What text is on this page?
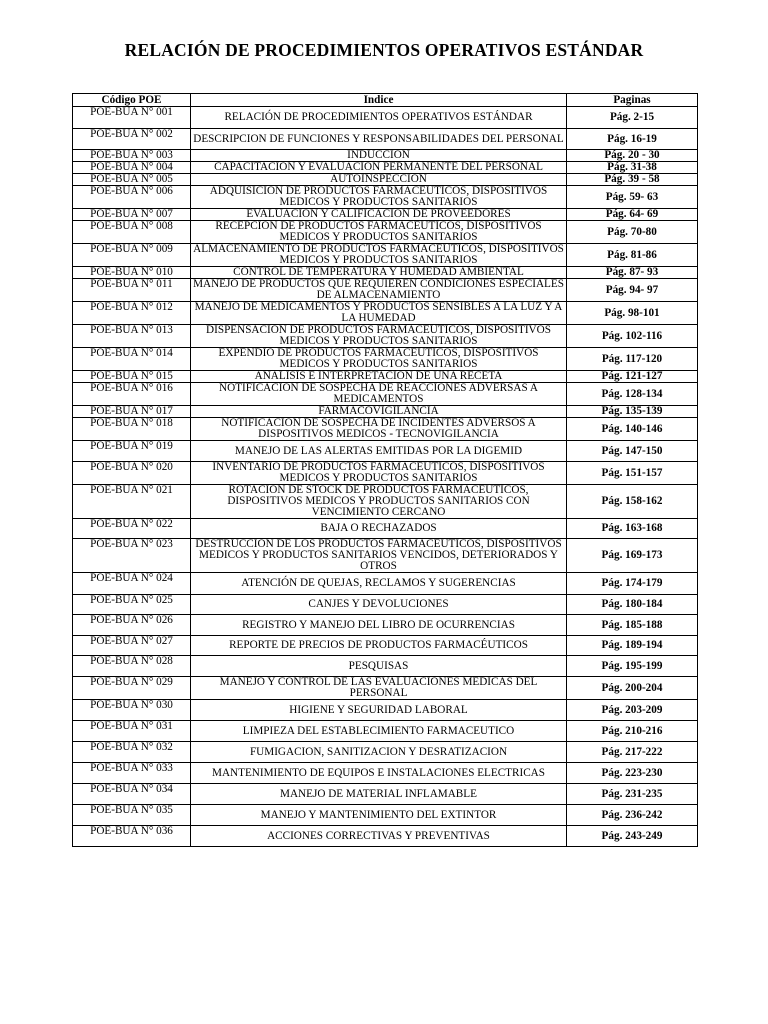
RELACIÓN DE PROCEDIMIENTOS OPERATIVOS ESTÁNDAR
Código POE	Indice	Paginas
POE-BUA N° 001	RELACIÓN DE PROCEDIMIENTOS OPERATIVOS ESTÁNDAR	Pág. 2-15
POE-BUA N° 002	DESCRIPCION DE FUNCIONES Y RESPONSABILIDADES DEL PERSONAL	Pág. 16-19
POE-BUA N° 003	INDUCCION	Pág. 20 - 30
POE-BUA N° 004	CAPACITACION Y EVALUACION PERMANENTE DEL PERSONAL	Pág. 31-38
POE-BUA N° 005	AUTOINSPECCION	Pág. 39 - 58
POE-BUA N° 006	ADQUISICION DE PRODUCTOS FARMACEUTICOS, DISPOSITIVOS MEDICOS Y PRODUCTOS SANITARIOS	Pág. 59- 63
POE-BUA N° 007	EVALUACION Y CALIFICACION DE PROVEEDORES	Pág. 64- 69
POE-BUA N° 008	RECEPCION DE PRODUCTOS FARMACEUTICOS, DISPOSITIVOS MEDICOS Y PRODUCTOS SANITARIOS	Pág. 70-80
POE-BUA N° 009	ALMACENAMIENTO DE PRODUCTOS FARMACEUTICOS, DISPOSITIVOS MEDICOS Y PRODUCTOS SANITARIOS	Pág. 81-86
POE-BUA N° 010	CONTROL DE TEMPERATURA Y HUMEDAD AMBIENTAL	Pág. 87- 93
POE-BUA N° 011	MANEJO DE PRODUCTOS QUE REQUIEREN CONDICIONES ESPECIALES DE ALMACENAMIENTO	Pág. 94- 97
POE-BUA N° 012	MANEJO DE MEDICAMENTOS Y PRODUCTOS SENSIBLES A LA LUZ Y A LA HUMEDAD	Pág. 98-101
POE-BUA N° 013	DISPENSACION DE PRODUCTOS FARMACEUTICOS, DISPOSITIVOS MEDICOS Y PRODUCTOS SANITARIOS	Pág. 102-116
POE-BUA N° 014	EXPENDIO DE PRODUCTOS FARMACEUTICOS, DISPOSITIVOS MEDICOS Y PRODUCTOS SANITARIOS	Pág. 117-120
POE-BUA N° 015	ANALISIS E INTERPRETACION DE UNA RECETA	Pág. 121-127
POE-BUA N° 016	NOTIFICACION DE SOSPECHA DE REACCIONES ADVERSAS A MEDICAMENTOS	Pág. 128-134
POE-BUA N° 017	FARMACOVIGILANCIA	Pág. 135-139
POE-BUA N° 018	NOTIFICACION DE SOSPECHA DE INCIDENTES ADVERSOS A DISPOSITIVOS MEDICOS - TECNOVIGILANCIA	Pág. 140-146
POE-BUA N° 019	MANEJO DE LAS ALERTAS EMITIDAS POR LA DIGEMID	Pág. 147-150
POE-BUA N° 020	INVENTARIO DE PRODUCTOS FARMACEUTICOS, DISPOSITIVOS MEDICOS Y PRODUCTOS SANITARIOS	Pág. 151-157
POE-BUA N° 021	ROTACION DE STOCK DE PRODUCTOS FARMACEUTICOS, DISPOSITIVOS MEDICOS Y PRODUCTOS SANITARIOS CON VENCIMIENTO CERCANO	Pág. 158-162
POE-BUA N° 022	BAJA O RECHAZADOS	Pág. 163-168
POE-BUA N° 023	DESTRUCCION DE LOS PRODUCTOS FARMACEUTICOS, DISPOSITIVOS MEDICOS Y PRODUCTOS SANITARIOS VENCIDOS, DETERIORADOS Y OTROS	Pág. 169-173
POE-BUA N° 024	ATENCIÓN DE QUEJAS, RECLAMOS Y SUGERENCIAS	Pág. 174-179
POE-BUA N° 025	CANJES Y DEVOLUCIONES	Pág. 180-184
POE-BUA N° 026	REGISTRO Y MANEJO DEL LIBRO DE OCURRENCIAS	Pág. 185-188
POE-BUA N° 027	REPORTE DE PRECIOS DE PRODUCTOS FARMACÉUTICOS	Pág. 189-194
POE-BUA N° 028	PESQUISAS	Pág. 195-199
POE-BUA N° 029	MANEJO Y CONTROL DE LAS EVALUACIONES MEDICAS DEL PERSONAL	Pág. 200-204
POE-BUA N° 030	HIGIENE Y SEGURIDAD LABORAL	Pág. 203-209
POE-BUA N° 031	LIMPIEZA DEL ESTABLECIMIENTO FARMACEUTICO	Pág. 210-216
POE-BUA N° 032	FUMIGACION, SANITIZACION Y DESRATIZACION	Pág. 217-222
POE-BUA N° 033	MANTENIMIENTO DE EQUIPOS E INSTALACIONES ELECTRICAS	Pág. 223-230
POE-BUA N° 034	MANEJO DE MATERIAL INFLAMABLE	Pág. 231-235
POE-BUA N° 035	MANEJO Y MANTENIMIENTO DEL EXTINTOR	Pág. 236-242
POE-BUA N° 036	ACCIONES CORRECTIVAS Y PREVENTIVAS	Pág. 243-249
